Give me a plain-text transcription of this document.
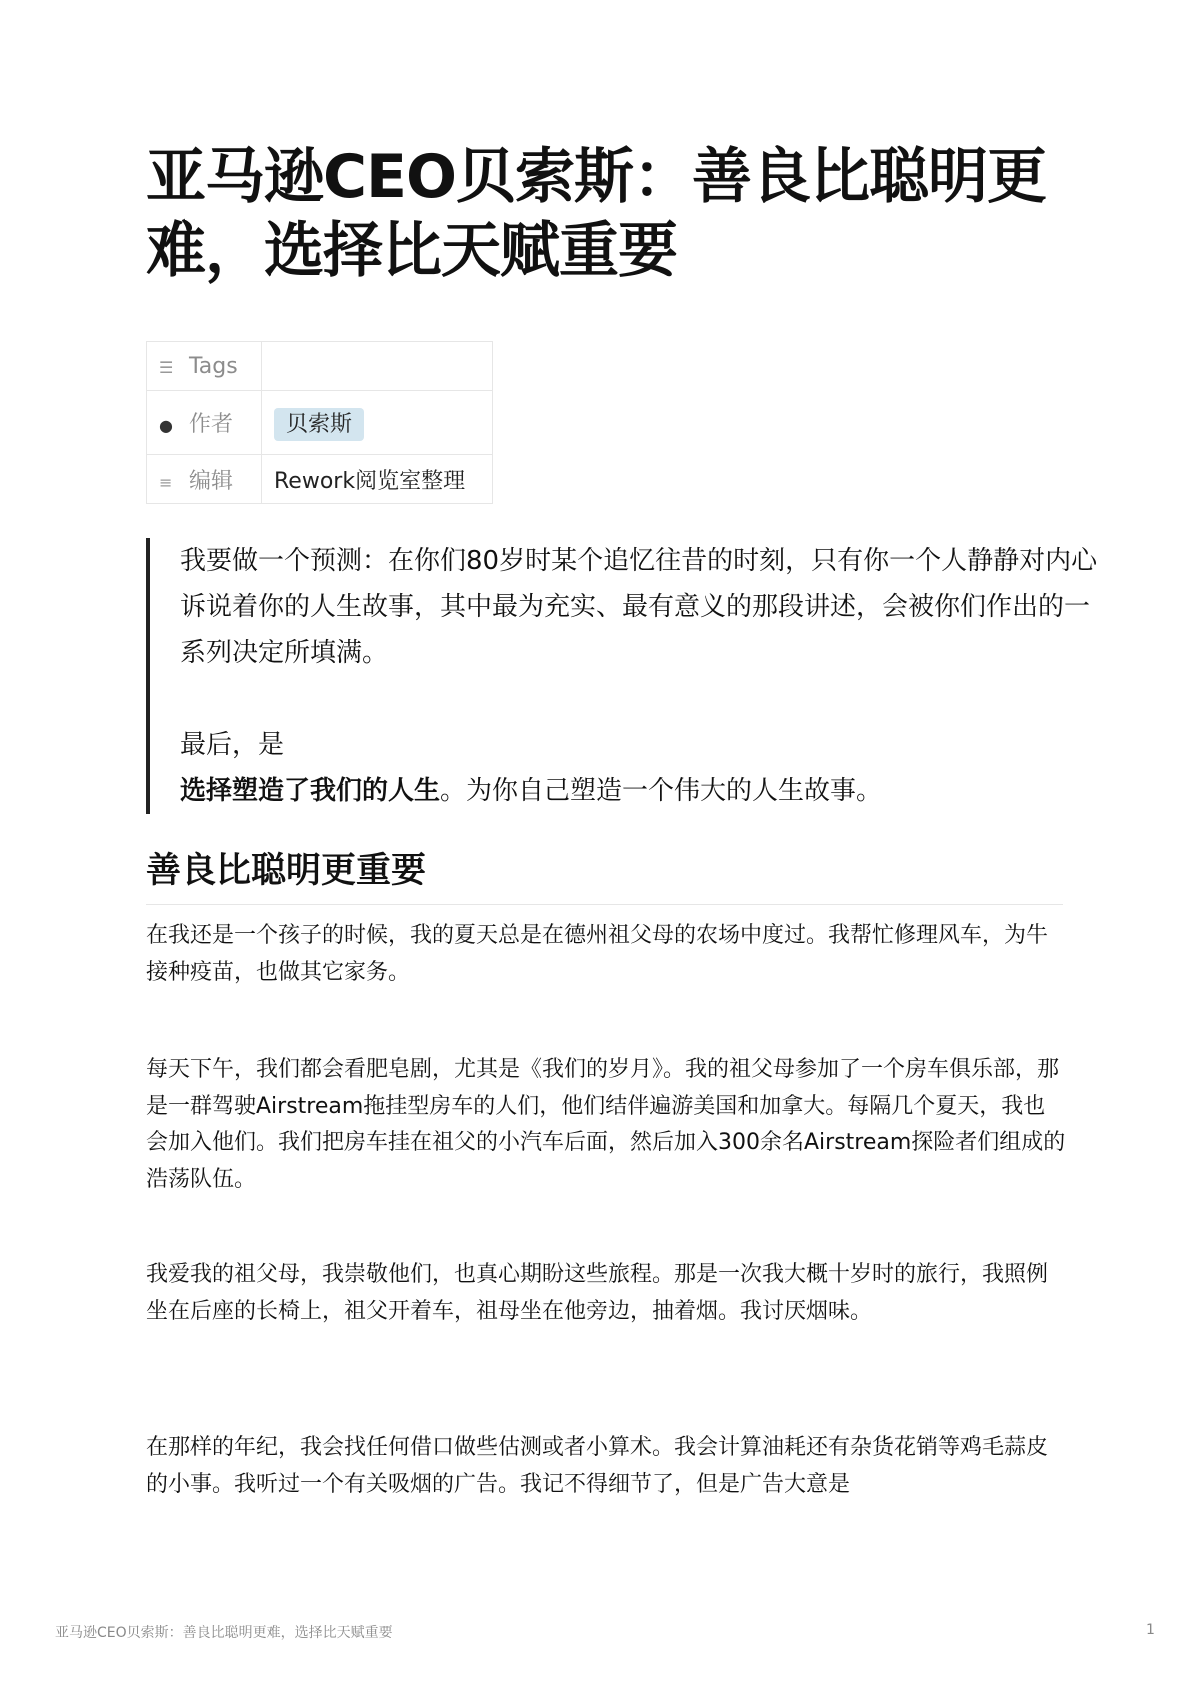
亚马逊CEO贝索斯：善良比聪明更难，选择比天赋重要
☰ Tags	
● 作者	贝索斯
≡ 编辑	Rework阅览室整理

我要做一个预测：在你们80岁时某个追忆往昔的时刻，只有你一个人静静对内心诉说着你的人生故事，其中最为充实、最有意义的那段讲述，会被你们作出的一系列决定所填满。

最后，是

选择塑造了我们的人生。为你自己塑造一个伟大的人生故事。

善良比聪明更重要

在我还是一个孩子的时候，我的夏天总是在德州祖父母的农场中度过。我帮忙修理风车，为牛接种疫苗，也做其它家务。

每天下午，我们都会看肥皂剧，尤其是《我们的岁月》。我的祖父母参加了一个房车俱乐部，那是一群驾驶Airstream拖挂型房车的人们，他们结伴遍游美国和加拿大。每隔几个夏天，我也会加入他们。我们把房车挂在祖父的小汽车后面，然后加入300余名Airstream探险者们组成的浩荡队伍。

我爱我的祖父母，我崇敬他们，也真心期盼这些旅程。那是一次我大概十岁时的旅行，我照例坐在后座的长椅上，祖父开着车，祖母坐在他旁边，抽着烟。我讨厌烟味。

在那样的年纪，我会找任何借口做些估测或者小算术。我会计算油耗还有杂货花销等鸡毛蒜皮的小事。我听过一个有关吸烟的广告。我记不得细节了，但是广告大意是

亚马逊CEO贝索斯：善良比聪明更难，选择比天赋重要	1
